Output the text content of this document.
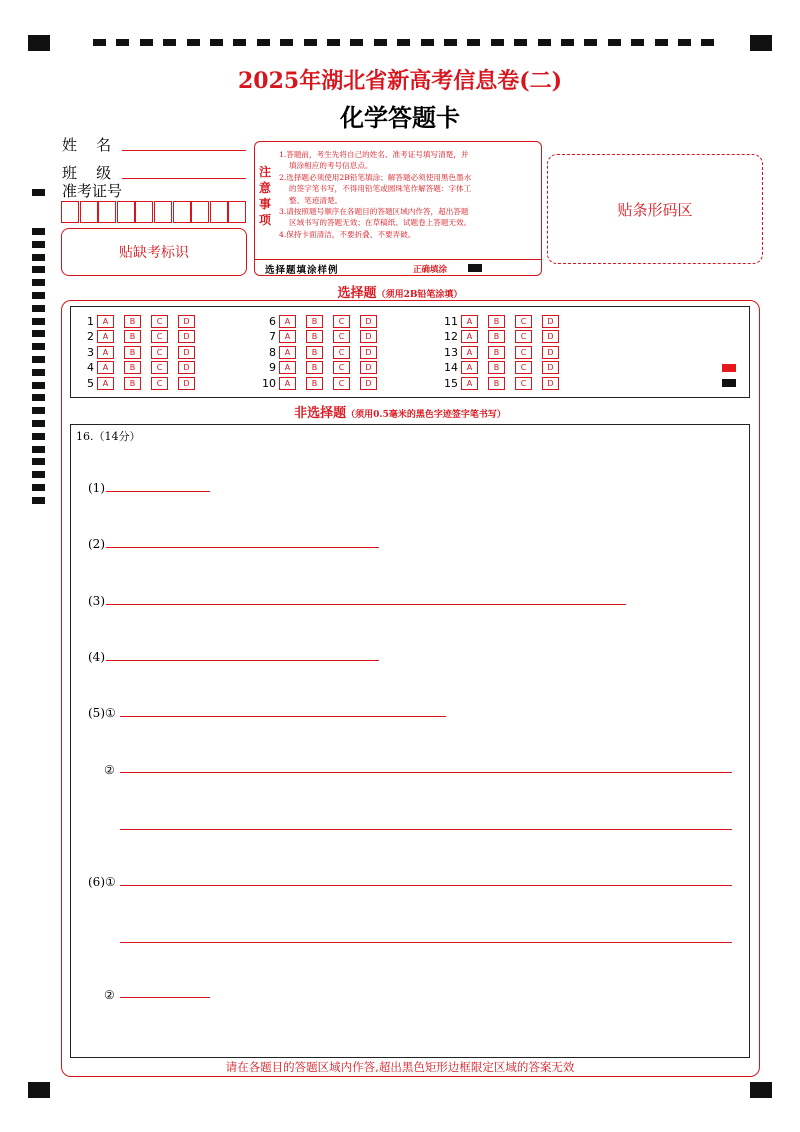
2025年湖北省新高考信息卷(二)
化学答题卡
姓    名
班    级
准考证号
贴缺考标识
注意事项
1.答题前，考生先将自己的姓名、准考证号填写清楚，并
填涂相应的考号信息点。
2.选择题必须使用2B铅笔填涂；解答题必须使用黑色墨水
的签字笔书写，不得用铅笔或圆珠笔作解答题：字体工
整、笔迹清楚。
3.请按照题号顺序在各题目的答题区域内作答，超出答题
区域书写的答题无效；在草稿纸、试题卷上答题无效。
4.保持卡面清洁，不要折叠、不要弄破。
选择题填涂样例	正确填涂
贴条形码区
选择题（须用2B铅笔涂填）
1	A	B	C	D
2	A	B	C	D
3	A	B	C	D
4	A	B	C	D
5	A	B	C	D
6	A	B	C	D
7	A	B	C	D
8	A	B	C	D
9	A	B	C	D
10	A	B	C	D
11	A	B	C	D
12	A	B	C	D
13	A	B	C	D
14	A	B	C	D
15	A	B	C	D
非选择题（须用0.5毫米的黑色字迹签字笔书写）
16.（14分）
(1)
(2)
(3)
(4)
(5)①
②
(6)①
②
请在各题目的答题区域内作答,超出黑色矩形边框限定区域的答案无效
